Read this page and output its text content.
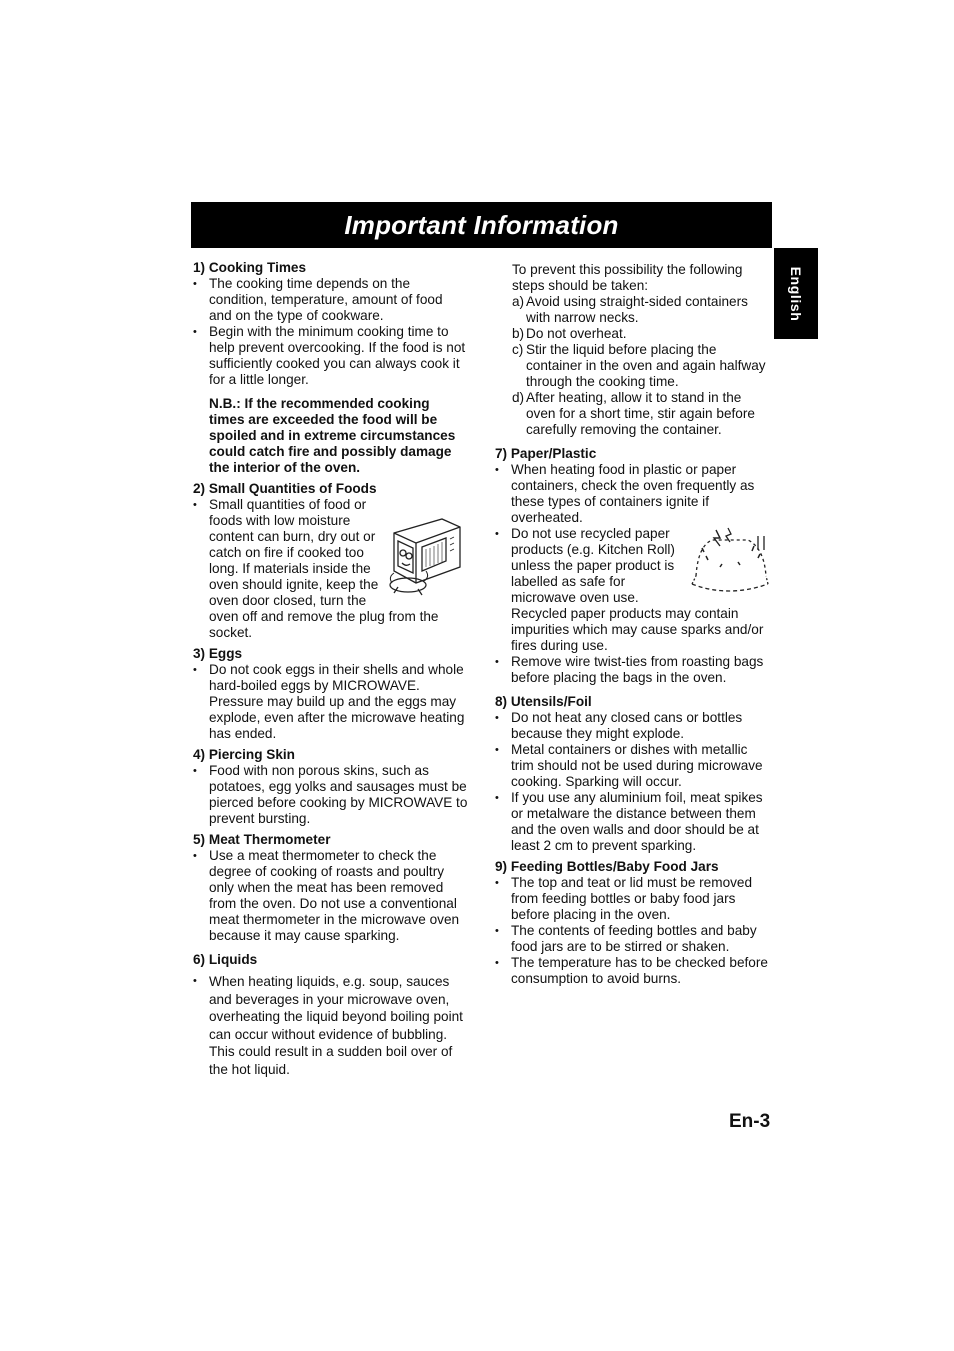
Important Information
English

1) Cooking Times

• The cooking time depends on the condition, temperature, amount of food and on the type of cookware.

• Begin with the minimum cooking time to help prevent overcooking. If the food is not sufficiently cooked you can always cook it for a little longer.

N.B.: If the recommended cooking times are exceeded the food will be spoiled and in extreme circumstances could catch fire and possibly damage the interior of the oven.

2) Small Quantities of Foods

• Small quantities of food or foods with low moisture content can burn, dry out or catch on fire if cooked too long. If materials inside the oven should ignite, keep the oven door closed, turn the oven off and remove the plug from the socket.

3) Eggs

• Do not cook eggs in their shells and whole hard-boiled eggs by MICROWAVE. Pressure may build up and the eggs may explode, even after the microwave heating has ended.

4) Piercing Skin

• Food with non porous skins, such as potatoes, egg yolks and sausages must be pierced before cooking by MICROWAVE to prevent bursting.

5) Meat Thermometer

• Use a meat thermometer to check the degree of cooking of roasts and poultry only when the meat has been removed from the oven. Do not use a conventional meat thermometer in the microwave oven because it may cause sparking.

6) Liquids

• When heating liquids, e.g. soup, sauces and beverages in your microwave oven, overheating the liquid beyond boiling point can occur without evidence of bubbling. This could result in a sudden boil over of the hot liquid.

To prevent this possibility the following steps should be taken:

a) Avoid using straight-sided containers with narrow necks.

b) Do not overheat.

c) Stir the liquid before placing the container in the oven and again halfway through the cooking time.

d) After heating, allow it to stand in the oven for a short time, stir again before carefully removing the container.

7) Paper/Plastic

• When heating food in plastic or paper containers, check the oven frequently as these types of containers ignite if overheated.

• Do not use recycled paper products (e.g. Kitchen Roll) unless the paper product is labelled as safe for microwave oven use. Recycled paper products may contain impurities which may cause sparks and/or fires during use.

• Remove wire twist-ties from roasting bags before placing the bags in the oven.

8) Utensils/Foil

• Do not heat any closed cans or bottles because they might explode.

• Metal containers or dishes with metallic trim should not be used during microwave cooking. Sparking will occur.

• If you use any aluminium foil, meat spikes or metalware the distance between them and the oven walls and door should be at least 2 cm to prevent sparking.

9) Feeding Bottles/Baby Food Jars

• The top and teat or lid must be removed from feeding bottles or baby food jars before placing in the oven.

• The contents of feeding bottles and baby food jars are to be stirred or shaken.

• The temperature has to be checked before consumption to avoid burns.

En-3
